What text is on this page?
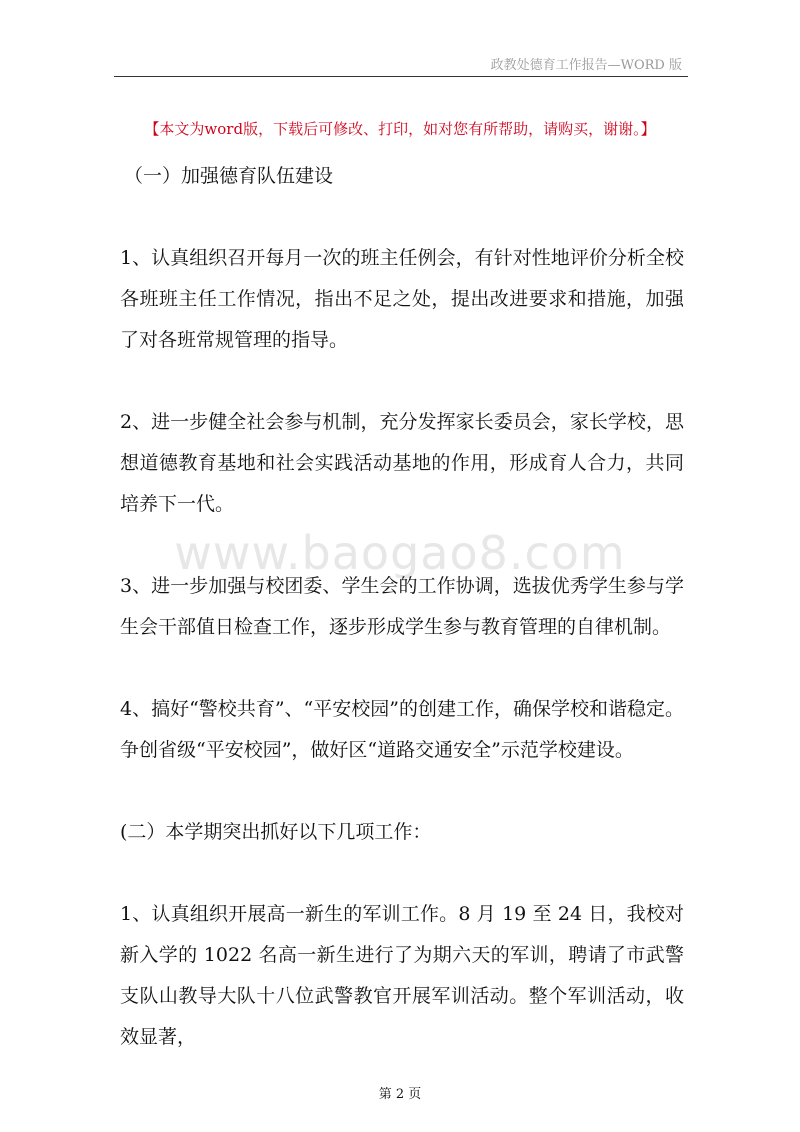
政教处德育工作报告—WORD 版
【本文为word版，下载后可修改、打印，如对您有所帮助，请购买，谢谢。】
www.baogao8.com
（一）加强德育队伍建设
1、认真组织召开每月一次的班主任例会，有针对性地评价分析全校各班班主任工作情况，指出不足之处，提出改进要求和措施，加强了对各班常规管理的指导。
2、进一步健全社会参与机制，充分发挥家长委员会，家长学校，思想道德教育基地和社会实践活动基地的作用，形成育人合力，共同培养下一代。
3、进一步加强与校团委、学生会的工作协调，选拔优秀学生参与学生会干部值日检查工作，逐步形成学生参与教育管理的自律机制。
4、搞好“警校共育”、“平安校园”的创建工作，确保学校和谐稳定。争创省级“平安校园”，做好区“道路交通安全”示范学校建设。
(二）本学期突出抓好以下几项工作：
1、认真组织开展高一新生的军训工作。8 月 19 至 24 日，我校对新入学的 1022 名高一新生进行了为期六天的军训，聘请了市武警支队山教导大队十八位武警教官开展军训活动。整个军训活动，收效显著，
第 2 页
